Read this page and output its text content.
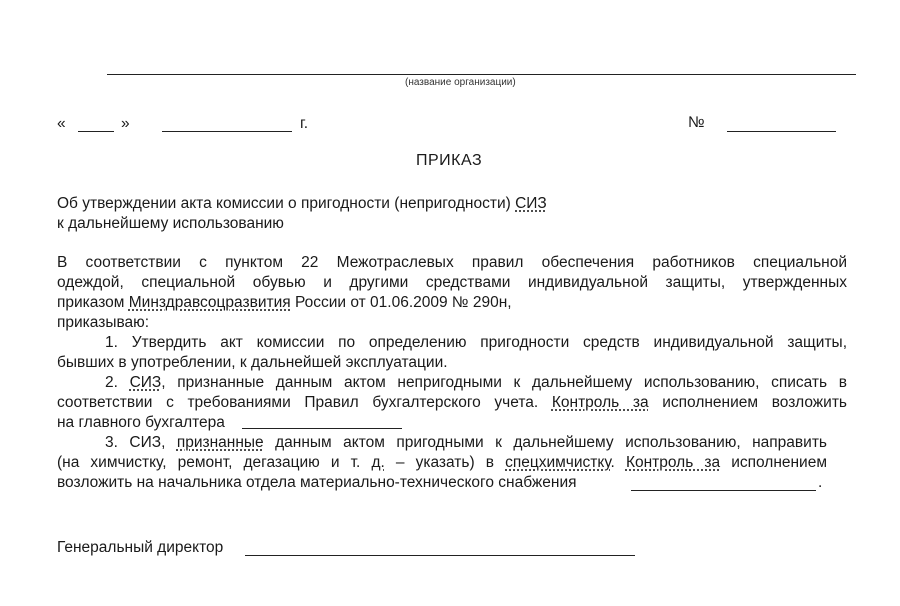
(название организации)
«	»	г.	№
ПРИКАЗ
Об утверждении акта комиссии о пригодности (непригодности) СИЗ
к дальнейшему использованию
В соответствии с пунктом 22 Межотраслевых правил обеспечения работников специальной
одеждой, специальной обувью и другими средствами индивидуальной защиты, утвержденных
приказом Минздравсоцразвития России от 01.06.2009 № 290н,
приказываю:
1. Утвердить акт комиссии по определению пригодности средств индивидуальной защиты,
бывших в употреблении, к дальнейшей эксплуатации.
2. СИЗ, признанные данным актом непригодными к дальнейшему использованию, списать в
соответствии с требованиями Правил бухгалтерского учета. Контроль за исполнением возложить
на главного бухгалтера
3. СИЗ, признанные данным актом пригодными к дальнейшему использованию, направить
(на химчистку, ремонт, дегазацию и т. д. – указать) в спецхимчистку. Контроль за исполнением
возложить на начальника отдела материально-технического снабжения	.
Генеральный директор
